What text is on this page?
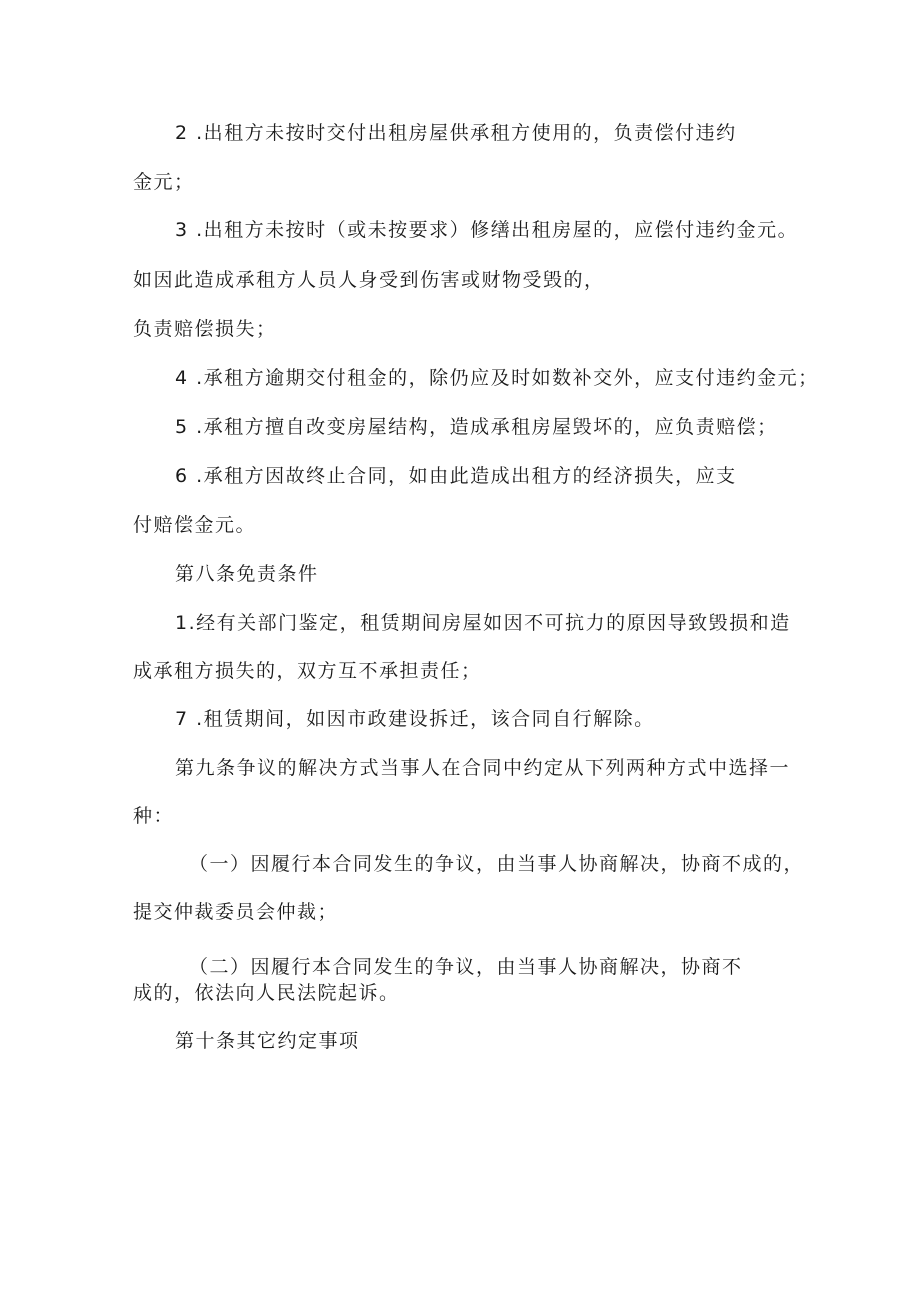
2 .出租方未按时交付出租房屋供承租方使用的，负责偿付违约
金元；
3 .出租方未按时（或未按要求）修缮出租房屋的，应偿付违约金元。
如因此造成承租方人员人身受到伤害或财物受毁的，
负责赔偿损失；
4 .承租方逾期交付租金的，除仍应及时如数补交外，应支付违约金元；
5 .承租方擅自改变房屋结构，造成承租房屋毁坏的，应负责赔偿；
6 .承租方因故终止合同，如由此造成出租方的经济损失，应支
付赔偿金元。
第八条免责条件
1.经有关部门鉴定，租赁期间房屋如因不可抗力的原因导致毁损和造
成承租方损失的，双方互不承担责任；
7 .租赁期间，如因市政建设拆迁，该合同自行解除。
第九条争议的解决方式当事人在合同中约定从下列两种方式中选择一
种：
（一）因履行本合同发生的争议，由当事人协商解决，协商不成的，
提交仲裁委员会仲裁；
（二）因履行本合同发生的争议，由当事人协商解决，协商不
成的，依法向人民法院起诉。
第十条其它约定事项
